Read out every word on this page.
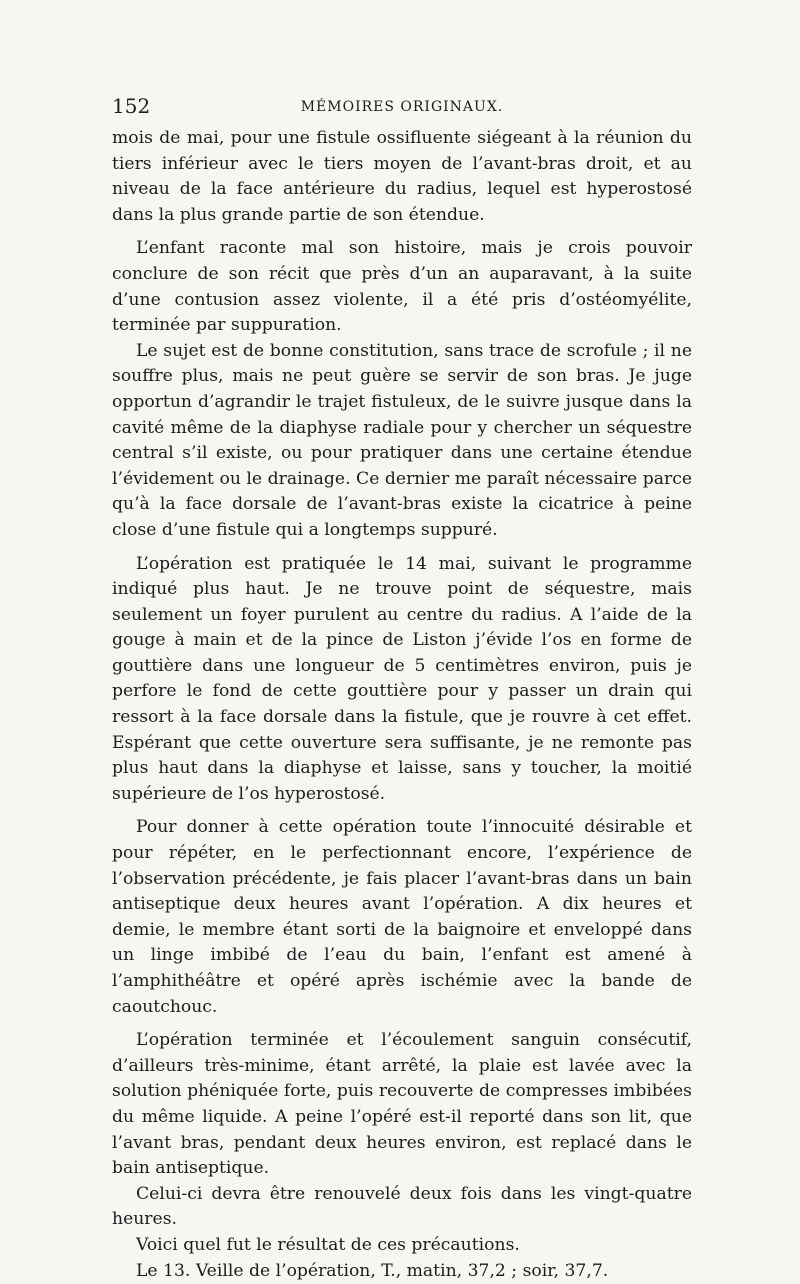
152	MÉMOIRES ORIGINAUX.

mois de mai, pour une fistule ossifluente siégeant à la réunion du tiers inférieur avec le tiers moyen de l’avant-bras droit, et au niveau de la face antérieure du radius, lequel est hyperostosé dans la plus grande partie de son étendue.

L’enfant raconte mal son histoire, mais je crois pouvoir conclure de son récit que près d’un an auparavant, à la suite d’une contusion assez violente, il a été pris d’ostéomyélite, terminée par suppuration.

Le sujet est de bonne constitution, sans trace de scrofule ; il ne souffre plus, mais ne peut guère se servir de son bras. Je juge opportun d’agrandir le trajet fistuleux, de le suivre jusque dans la cavité même de la diaphyse radiale pour y chercher un séquestre central s’il existe, ou pour pratiquer dans une certaine étendue l’évidement ou le drainage. Ce dernier me paraît nécessaire parce qu’à la face dorsale de l’avant-bras existe la cicatrice à peine close d’une fistule qui a longtemps suppuré.

L’opération est pratiquée le 14 mai, suivant le programme indiqué plus haut. Je ne trouve point de séquestre, mais seulement un foyer purulent au centre du radius. A l’aide de la gouge à main et de la pince de Liston j’évide l’os en forme de gouttière dans une longueur de 5 centimètres environ, puis je perfore le fond de cette gouttière pour y passer un drain qui ressort à la face dorsale dans la fistule, que je rouvre à cet effet. Espérant que cette ouverture sera suffisante, je ne remonte pas plus haut dans la diaphyse et laisse, sans y toucher, la moitié supérieure de l’os hyperostosé.

Pour donner à cette opération toute l’innocuité désirable et pour répéter, en le perfectionnant encore, l’expérience de l’observation précédente, je fais placer l’avant-bras dans un bain antiseptique deux heures avant l’opération. A dix heures et demie, le membre étant sorti de la baignoire et enveloppé dans un linge imbibé de l’eau du bain, l’enfant est amené à l’amphithéâtre et opéré après ischémie avec la bande de caoutchouc.

L’opération terminée et l’écoulement sanguin consécutif, d’ailleurs très-minime, étant arrêté, la plaie est lavée avec la solution phéniquée forte, puis recouverte de compresses imbibées du même liquide. A peine l’opéré est-il reporté dans son lit, que l’avant bras, pendant deux heures environ, est replacé dans le bain antiseptique.

Celui-ci devra être renouvelé deux fois dans les vingt-quatre heures.

Voici quel fut le résultat de ces précautions.

Le 13. Veille de l’opération, T., matin, 37,2 ; soir, 37,7.
